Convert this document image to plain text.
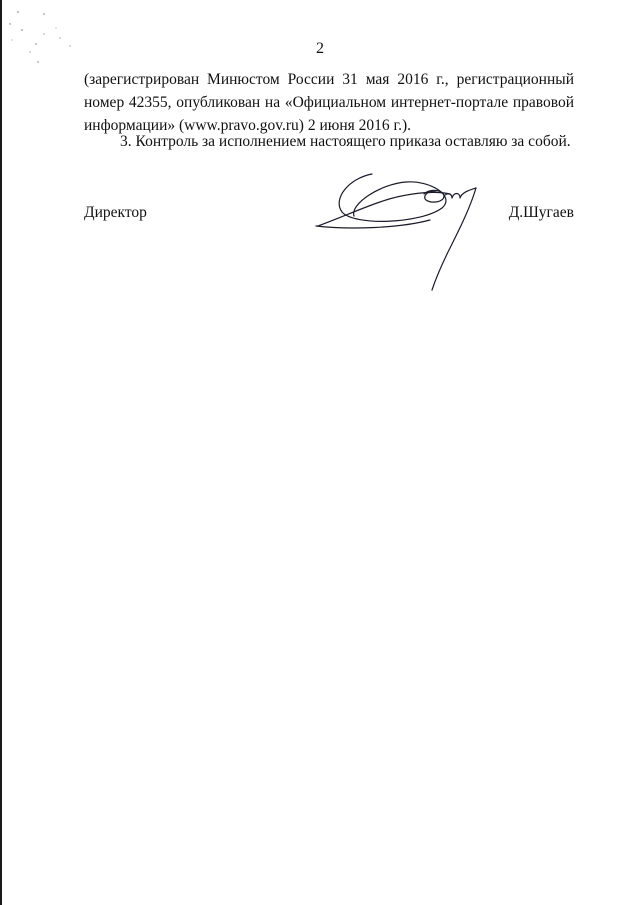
2
(зарегистрирован Минюстом России 31 мая 2016 г., регистрационный номер 42355, опубликован на «Официальном интернет-портале правовой информации» (www.pravo.gov.ru) 2 июня 2016 г.).
3. Контроль за исполнением настоящего приказа оставляю за собой.
Директор	Д.Шугаев
